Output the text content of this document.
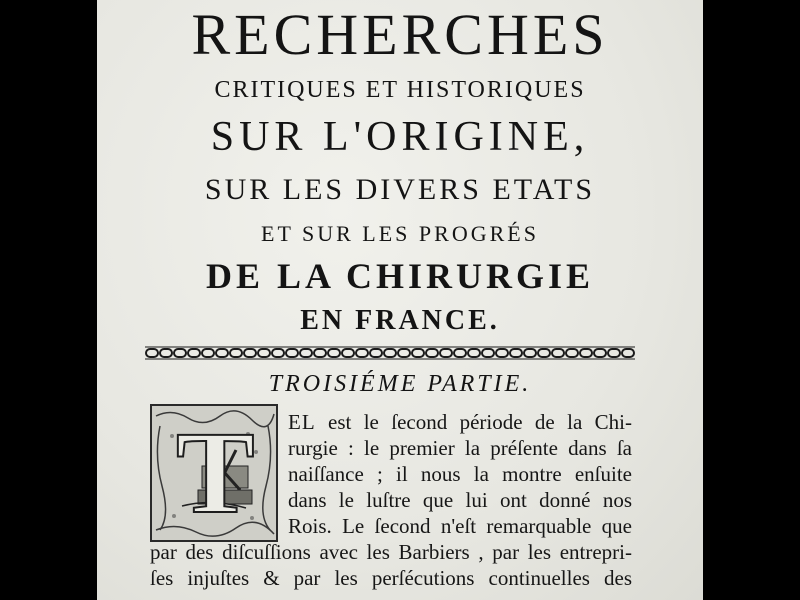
RECHERCHES
CRITIQUES ET HISTORIQUES
SUR L'ORIGINE,
SUR LES DIVERS ETATS
ET SUR LES PROGRÉS
DE LA CHIRURGIE
EN FRANCE.
TROISIÉME PARTIE.
T EL est le ſecond période de la Chi-
rurgie : le premier la préſente dans ſa
naiſſance ; il nous la montre enſuite
dans le luſtre que lui ont donné nos
Rois. Le ſecond n'eſt remarquable que
par des diſcuſſions avec les Barbiers , par les entrepri-
ſes injuſtes & par les perſécutions continuelles des
